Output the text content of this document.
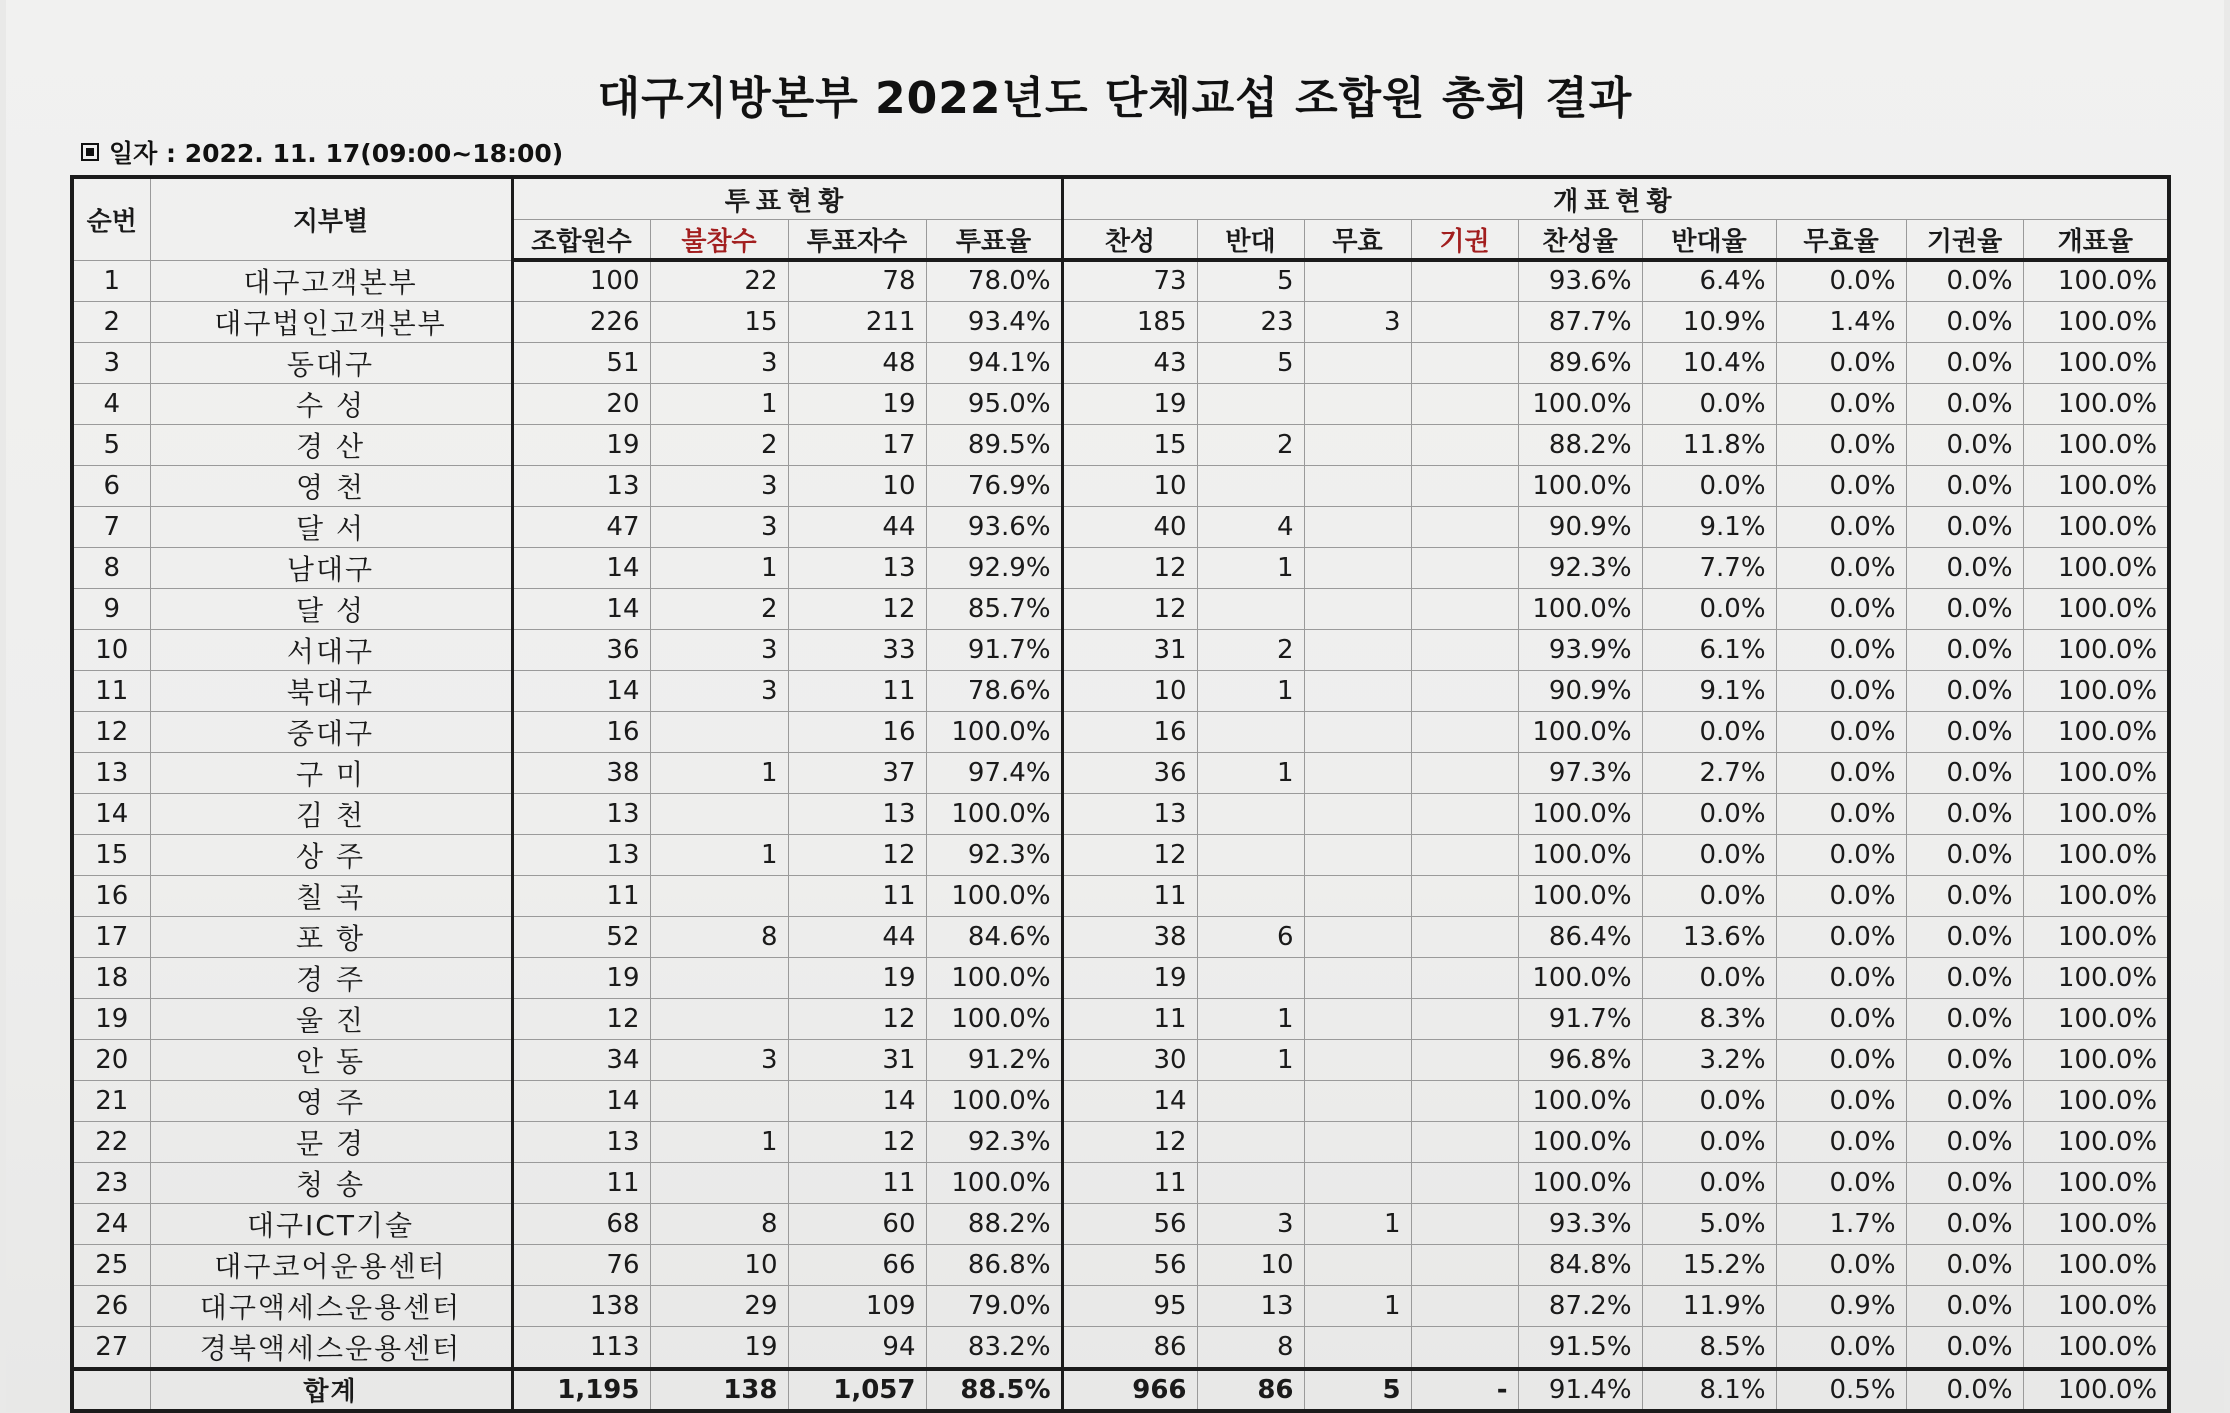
대구지방본부 2022년도 단체교섭 조합원 총회 결과
일자 : 2022. 11. 17(09:00~18:00)
순번	지부별	투표현황				개표현황								
		조합원수	불참수	투표자수	투표율	찬성	반대	무효	기권	찬성율	반대율	무효율	기권율	개표율
1	대구고객본부	100	22	78	78.0%	73	5			93.6%	6.4%	0.0%	0.0%	100.0%
2	대구법인고객본부	226	15	211	93.4%	185	23	3		87.7%	10.9%	1.4%	0.0%	100.0%
3	동대구	51	3	48	94.1%	43	5			89.6%	10.4%	0.0%	0.0%	100.0%
4	수 성	20	1	19	95.0%	19				100.0%	0.0%	0.0%	0.0%	100.0%
5	경 산	19	2	17	89.5%	15	2			88.2%	11.8%	0.0%	0.0%	100.0%
6	영 천	13	3	10	76.9%	10				100.0%	0.0%	0.0%	0.0%	100.0%
7	달 서	47	3	44	93.6%	40	4			90.9%	9.1%	0.0%	0.0%	100.0%
8	남대구	14	1	13	92.9%	12	1			92.3%	7.7%	0.0%	0.0%	100.0%
9	달 성	14	2	12	85.7%	12				100.0%	0.0%	0.0%	0.0%	100.0%
10	서대구	36	3	33	91.7%	31	2			93.9%	6.1%	0.0%	0.0%	100.0%
11	북대구	14	3	11	78.6%	10	1			90.9%	9.1%	0.0%	0.0%	100.0%
12	중대구	16		16	100.0%	16				100.0%	0.0%	0.0%	0.0%	100.0%
13	구 미	38	1	37	97.4%	36	1			97.3%	2.7%	0.0%	0.0%	100.0%
14	김 천	13		13	100.0%	13				100.0%	0.0%	0.0%	0.0%	100.0%
15	상 주	13	1	12	92.3%	12				100.0%	0.0%	0.0%	0.0%	100.0%
16	칠 곡	11		11	100.0%	11				100.0%	0.0%	0.0%	0.0%	100.0%
17	포 항	52	8	44	84.6%	38	6			86.4%	13.6%	0.0%	0.0%	100.0%
18	경 주	19		19	100.0%	19				100.0%	0.0%	0.0%	0.0%	100.0%
19	울 진	12		12	100.0%	11	1			91.7%	8.3%	0.0%	0.0%	100.0%
20	안 동	34	3	31	91.2%	30	1			96.8%	3.2%	0.0%	0.0%	100.0%
21	영 주	14		14	100.0%	14				100.0%	0.0%	0.0%	0.0%	100.0%
22	문 경	13	1	12	92.3%	12				100.0%	0.0%	0.0%	0.0%	100.0%
23	청 송	11		11	100.0%	11				100.0%	0.0%	0.0%	0.0%	100.0%
24	대구ICT기술	68	8	60	88.2%	56	3	1		93.3%	5.0%	1.7%	0.0%	100.0%
25	대구코어운용센터	76	10	66	86.8%	56	10			84.8%	15.2%	0.0%	0.0%	100.0%
26	대구액세스운용센터	138	29	109	79.0%	95	13	1		87.2%	11.9%	0.9%	0.0%	100.0%
27	경북액세스운용센터	113	19	94	83.2%	86	8			91.5%	8.5%	0.0%	0.0%	100.0%
	합계	1,195	138	1,057	88.5%	966	86	5	-	91.4%	8.1%	0.5%	0.0%	100.0%
